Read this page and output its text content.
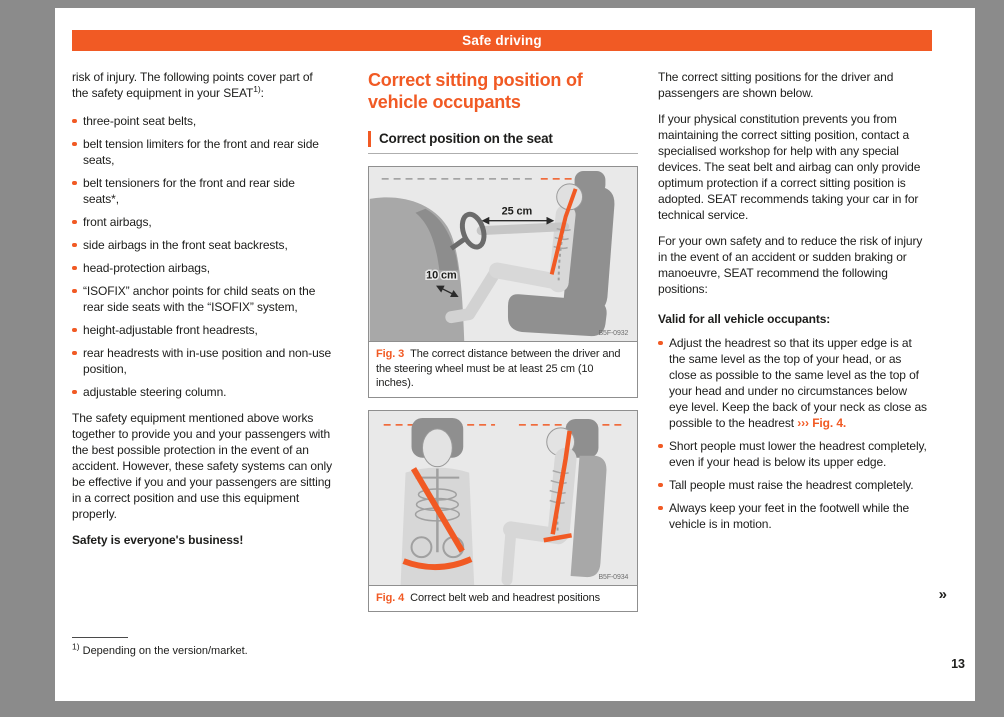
Safe driving

risk of injury. The following points cover part of the safety equipment in your SEAT$^{1)}$:

three-point seat belts,
belt tension limiters for the front and rear side seats,
belt tensioners for the front and rear side seats*,
front airbags,
side airbags in the front seat backrests,
head-protection airbags,
“ISOFIX” anchor points for child seats on the rear side seats with the “ISOFIX” system,
height-adjustable front headrests,
rear headrests with in-use position and non-use position,
adjustable steering column.

The safety equipment mentioned above works together to provide you and your passengers with the best possible protection in the event of an accident. However, these safety systems can only be effective if you and your passengers are sitting in a correct position and use this equipment properly.

Safety is everyone's business!

Correct sitting position of vehicle occupants
Correct position on the seat
25 cm
10 cm
B5F-0932

Fig. 3 The correct distance between the driver and the steering wheel must be at least 25 cm (10 inches).

B5F-0934

Fig. 4 Correct belt web and headrest positions

The correct sitting positions for the driver and passengers are shown below.

If your physical constitution prevents you from maintaining the correct sitting position, contact a specialised workshop for help with any special devices. The seat belt and airbag can only provide optimum protection if a correct sitting position is adopted. SEAT recommends taking your car in for technical service.

For your own safety and to reduce the risk of injury in the event of an accident or sudden braking or manoeuvre, SEAT recommend the following positions:

Valid for all vehicle occupants:

Adjust the headrest so that its upper edge is at the same level as the top of your head, or as close as possible to the same level as the top of your head and under no circumstances below eye level. Keep the back of your neck as close as possible to the headrest ››› Fig. 4.
Short people must lower the headrest completely, even if your head is below its upper edge.
Tall people must raise the headrest completely.
Always keep your feet in the footwell while the vehicle is in motion.
»

$^{1)}$ Depending on the version/market.

13
